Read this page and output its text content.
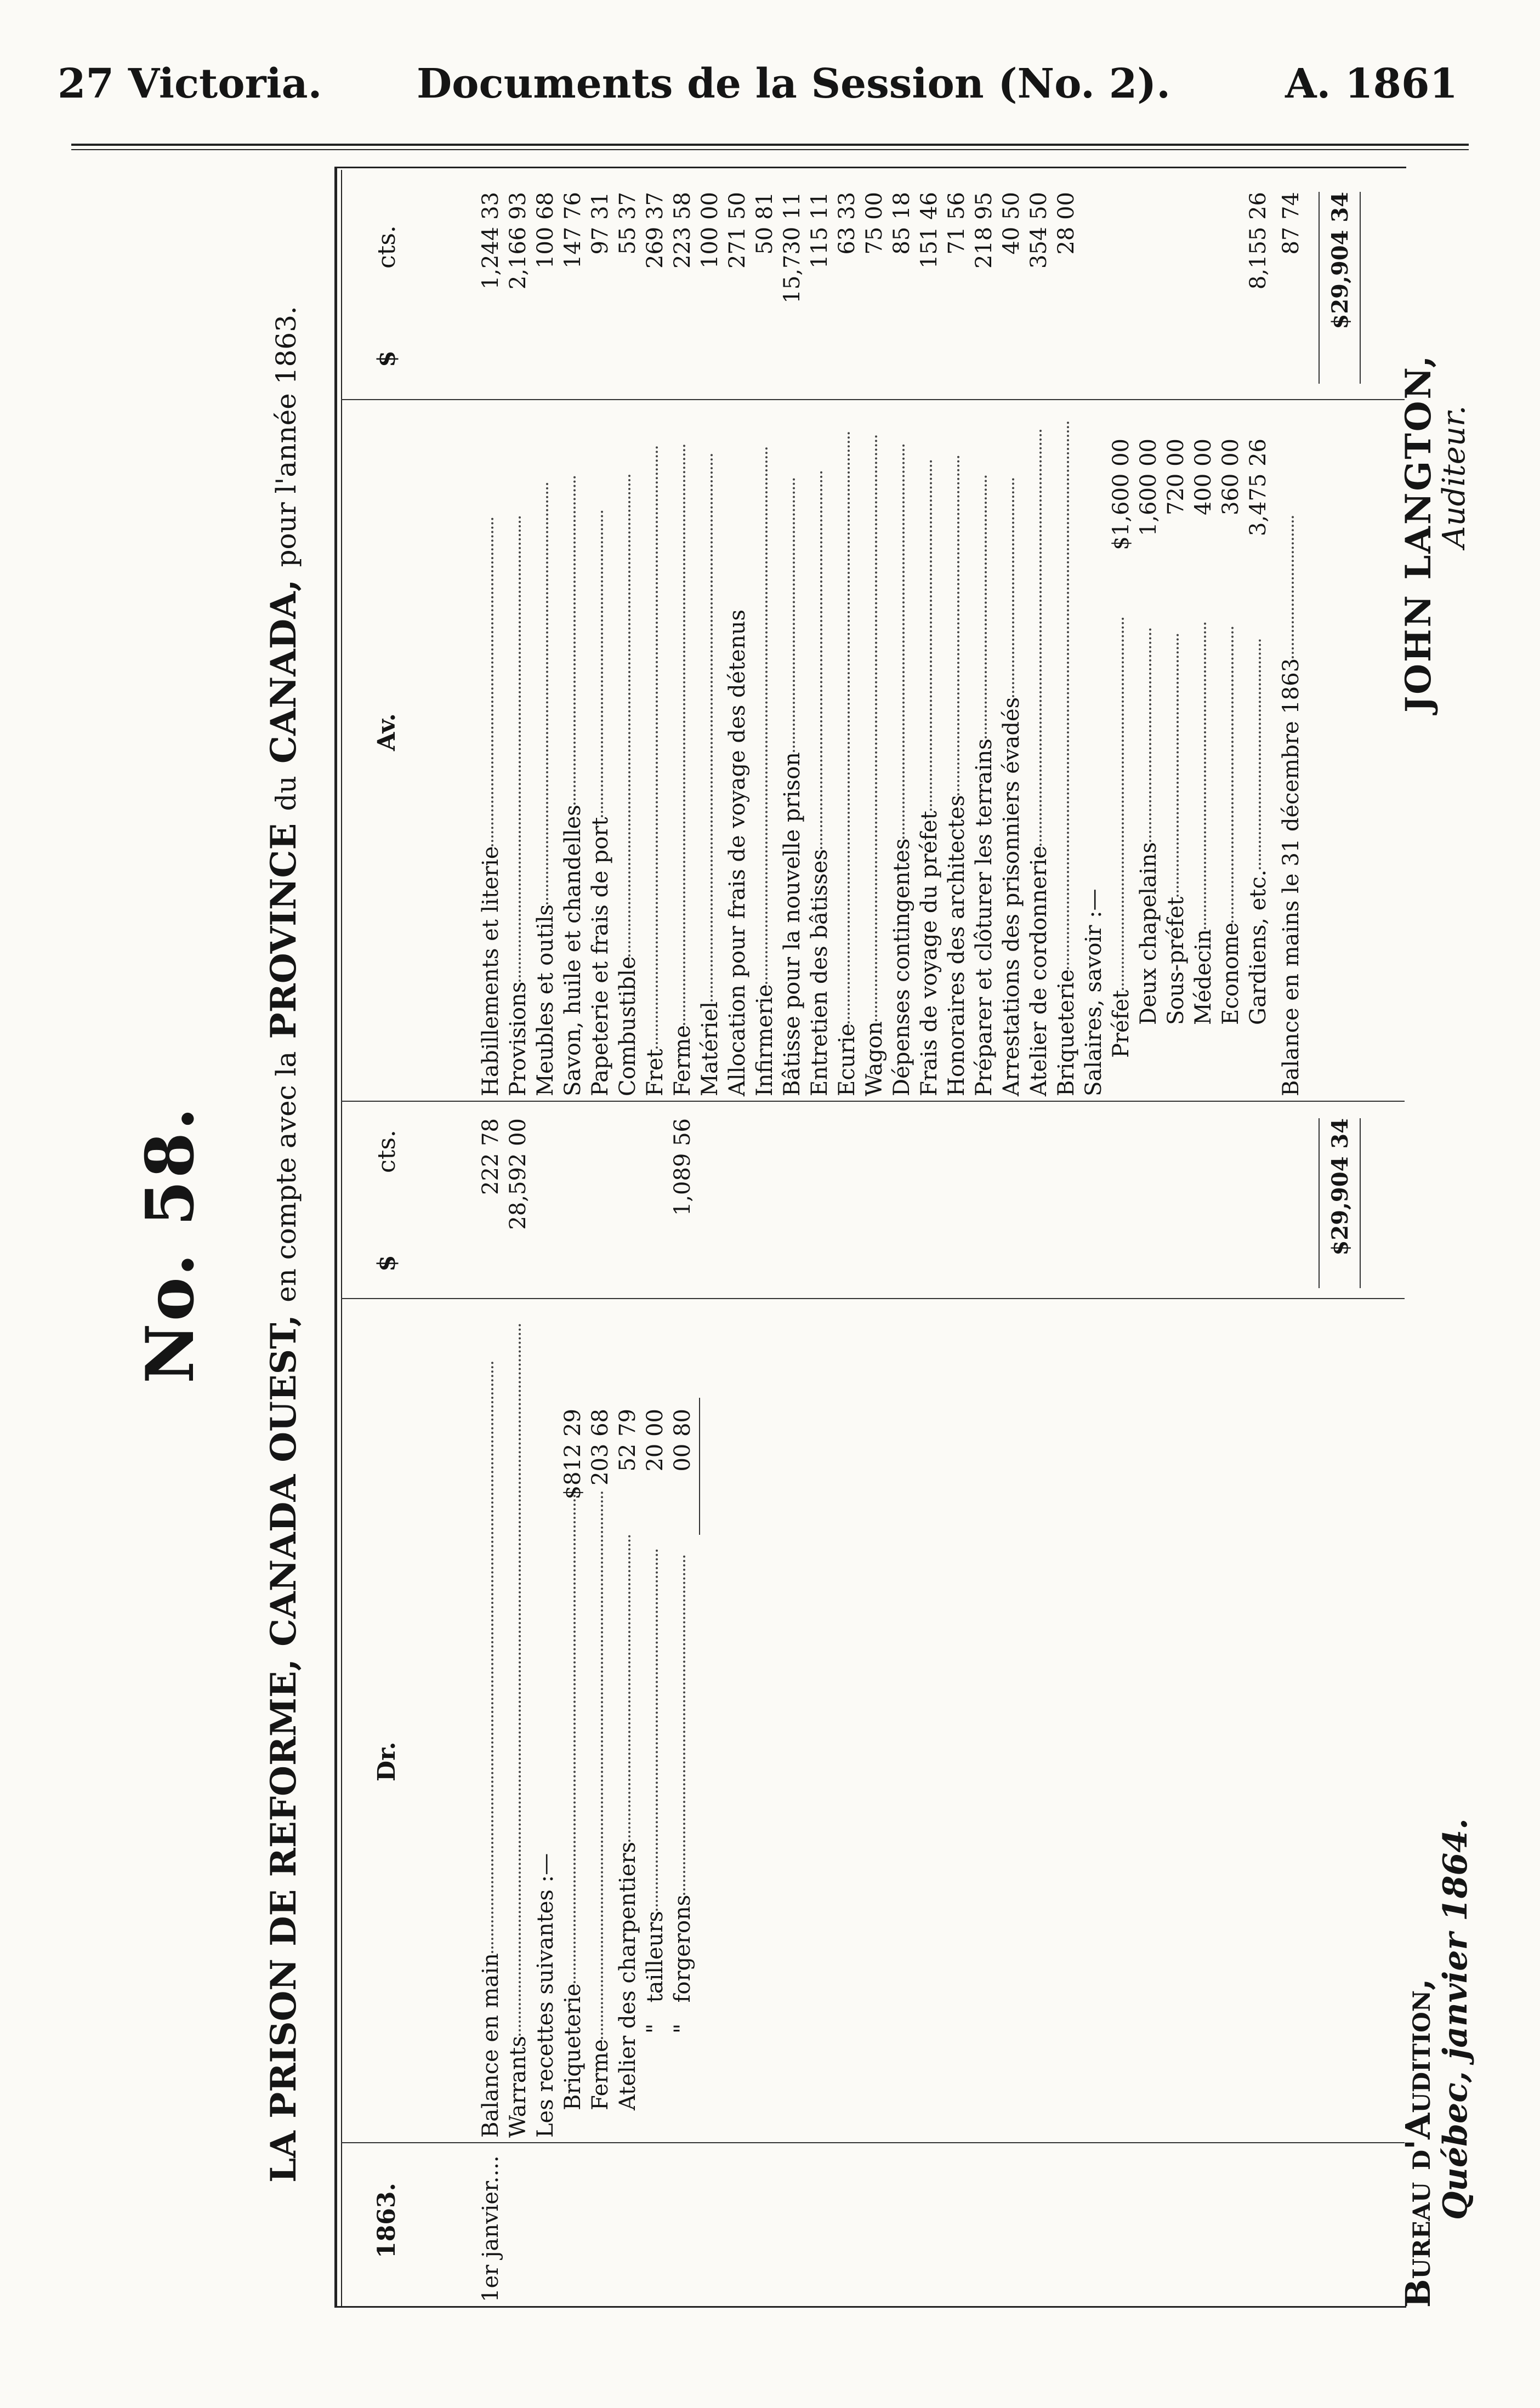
27 Victoria. Documents de la Session (No. 2).	A. 1861
No. 58.
LA PRISON DE REFORME, CANADA OUEST, en compte avec la PROVINCE du CANADA, pour l'année 1863.
1863.
Dr.
$
cts.
Av.
$
cts.
1er janvier....
Balance en main
222 78
Warrants
28,592 00
Les recettes suivantes :— Briqueterie
$812 29
Ferme
203 68
Atelier des charpentiers
52 79
"   tailleurs
20 00
"   forgerons
00 80
1,089 56
Habillements et literie
1,244 33
Provisions
2,166 93
Meubles et outils
100 68
Savon, huile et chandelles
147 76
Papeterie et frais de port
97 31
Combustible
55 37
Fret
269 37
Ferme
223 58
Matériel
100 00
Allocation pour frais de voyage des détenus
271 50
Infirmerie
50 81
Bâtisse pour la nouvelle prison
15,730 11
Entretien des bâtisses
115 11
Ecurie
63 33
Wagon
75 00
Dépenses contingentes
85 18
Frais de voyage du préfet
151 46
Honoraires des architectes
71 56
Préparer et clôturer les terrains
218 95
Arrestations des prisonniers évadés
40 50
Atelier de cordonnerie
354 50
Briqueterie
28 00
Salaires, savoir :— Préfet
$1,600 00
Deux chapelains
1,600 00
Sous-préfet
720 00
Médecin
400 00
Econome
360 00
Gardiens, etc.
3,475 26
8,155 26
Balance en mains le 31 décembre 1863
87 74
$29,904 34
$29,904 34
JOHN LANGTON,
Auditeur.
Bureau d'Audition,
Québec, janvier 1864.
